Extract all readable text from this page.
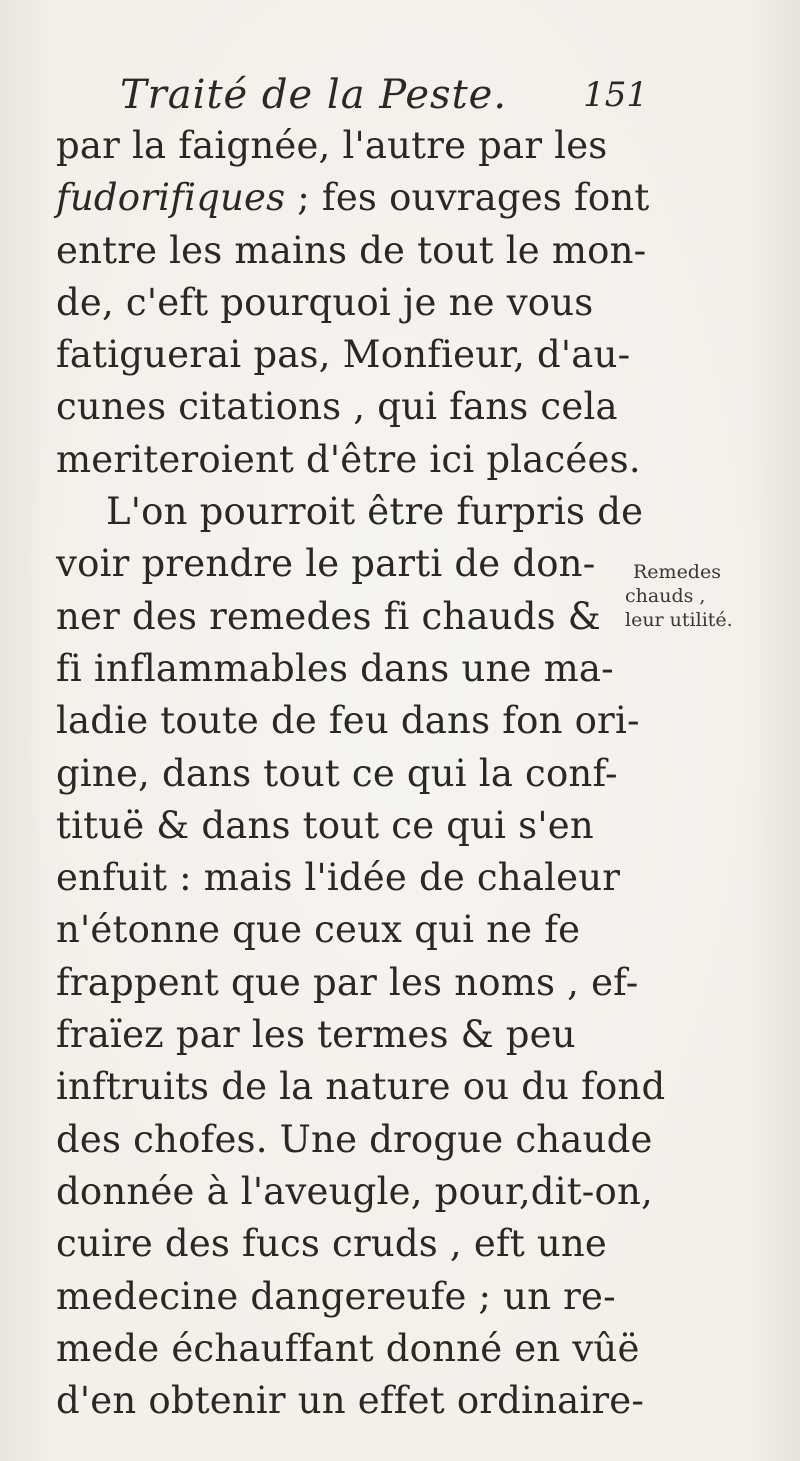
Traité de la Peste. 151
par la faignée, l'autre par les
fudorifiques ; fes ouvrages font
entre les mains de tout le mon-
de, c'eft pourquoi je ne vous
fatiguerai pas, Monfieur, d'au-
cunes citations , qui fans cela
meriteroient d'être ici placées.
L'on pourroit être furpris de
voir prendre le parti de don-
ner des remedes fi chauds &
fi inflammables dans une ma-
ladie toute de feu dans fon ori-
gine, dans tout ce qui la conf-
tituë & dans tout ce qui s'en
enfuit : mais l'idée de chaleur
n'étonne que ceux qui ne fe
frappent que par les noms , ef-
fraïez par les termes & peu
inftruits de la nature ou du fond
des chofes. Une drogue chaude
donnée à l'aveugle, pour,dit-on,
cuire des fucs cruds , eft une
medecine dangereufe ; un re-
mede échauffant donné en vûë
d'en obtenir un effet ordinaire-
Remedes
chauds ,
leur utilité.
